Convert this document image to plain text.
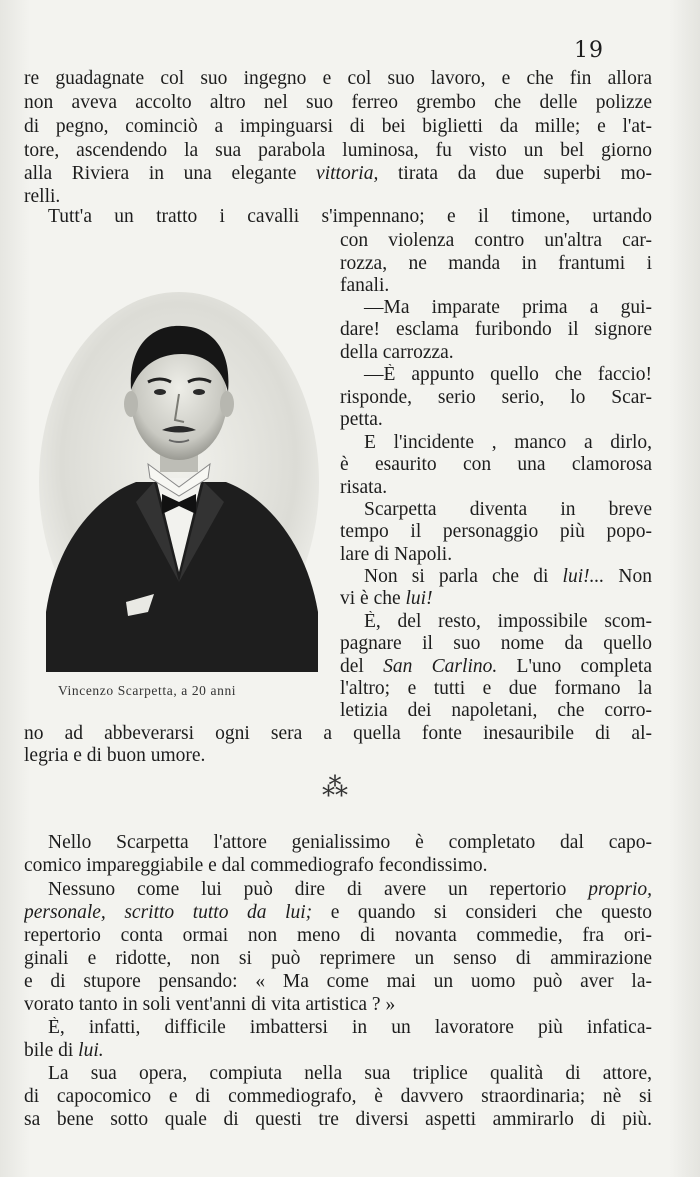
19
re guadagnate col suo ingegno e col suo lavoro, e che fin allora
non aveva accolto altro nel suo ferreo grembo che delle polizze
di pegno, cominciò a impinguarsi di bei biglietti da mille; e l'at-
tore, ascendendo la sua parabola luminosa, fu visto un bel giorno
alla Riviera in una elegante vittoria, tirata da due superbi mo-
relli.
Tutt'a un tratto i cavalli s'impennano; e il timone, urtando
con violenza contro un'altra car-
rozza, ne manda in frantumi i
fanali.
—Ma imparate prima a gui-
dare! esclama furibondo il signore
della carrozza.
—È appunto quello che faccio!
risponde, serio serio, lo Scar-
petta.
E l'incidente , manco a dirlo,
è esaurito con una clamorosa
risata.
Scarpetta diventa in breve
tempo il personaggio più popo-
lare di Napoli.
Non si parla che di lui!... Non
vi è che lui!
È, del resto, impossibile scom-
pagnare il suo nome da quello
del San Carlino. L'uno completa
l'altro; e tutti e due formano la
letizia dei napoletani, che corro-
Vincenzo Scarpetta, a 20 anni
no ad abbeverarsi ogni sera a quella fonte inesauribile di al-
legria e di buon umore.
⁂
Nello Scarpetta l'attore genialissimo è completato dal capo-
comico impareggiabile e dal commediografo fecondissimo.
Nessuno come lui può dire di avere un repertorio proprio,
personale, scritto tutto da lui; e quando si consideri che questo
repertorio conta ormai non meno di novanta commedie, fra ori-
ginali e ridotte, non si può reprimere un senso di ammirazione
e di stupore pensando: « Ma come mai un uomo può aver la-
vorato tanto in soli vent'anni di vita artistica ? »
È, infatti, difficile imbattersi in un lavoratore più infatica-
bile di lui.
La sua opera, compiuta nella sua triplice qualità di attore,
di capocomico e di commediografo, è davvero straordinaria; nè si
sa bene sotto quale di questi tre diversi aspetti ammirarlo di più.
